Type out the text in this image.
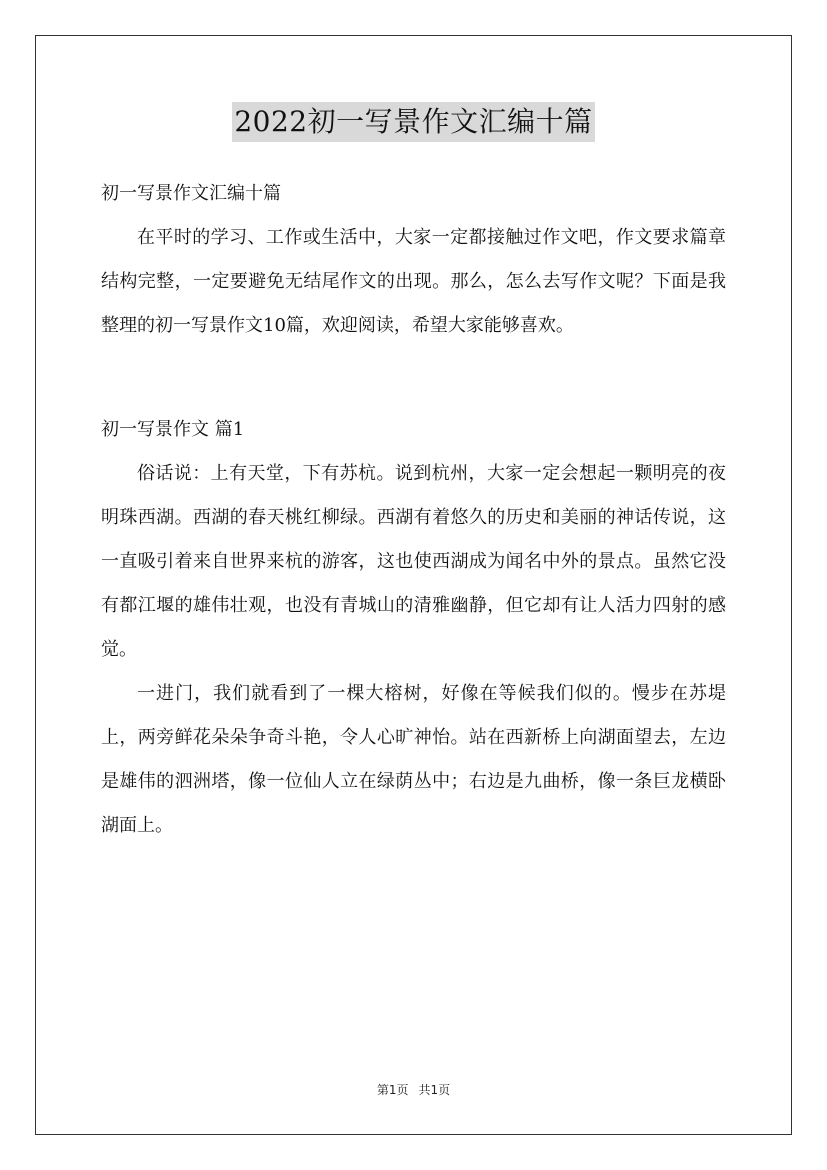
2022初一写景作文汇编十篇

初一写景作文汇编十篇

在平时的学习、工作或生活中，大家一定都接触过作文吧，作文要求篇章结构完整，一定要避免无结尾作文的出现。那么，怎么去写作文呢？下面是我整理的初一写景作文10篇，欢迎阅读，希望大家能够喜欢。

初一写景作文 篇1

俗话说：上有天堂，下有苏杭。说到杭州，大家一定会想起一颗明亮的夜明珠西湖。西湖的春天桃红柳绿。西湖有着悠久的历史和美丽的神话传说，这一直吸引着来自世界来杭的游客，这也使西湖成为闻名中外的景点。虽然它没有都江堰的雄伟壮观，也没有青城山的清雅幽静，但它却有让人活力四射的感觉。

一进门，我们就看到了一棵大榕树，好像在等候我们似的。慢步在苏堤上，两旁鲜花朵朵争奇斗艳，令人心旷神怡。站在西新桥上向湖面望去，左边是雄伟的泗洲塔，像一位仙人立在绿荫丛中；右边是九曲桥，像一条巨龙横卧湖面上。

第1页 共1页
